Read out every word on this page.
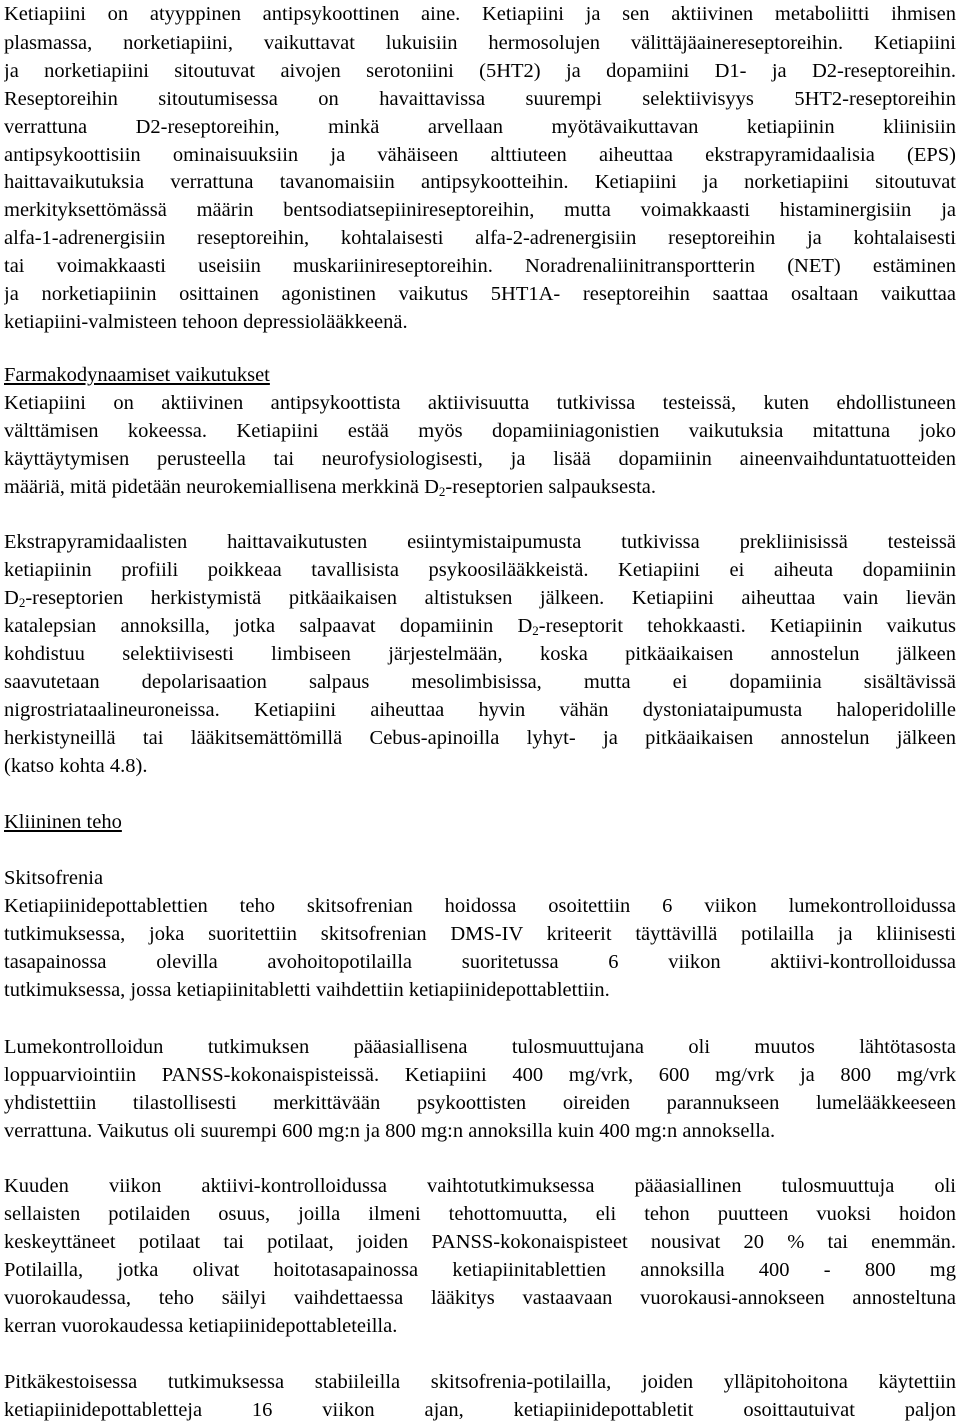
Ketiapiini on atyyppinen antipsykoottinen aine. Ketiapiini ja sen aktiivinen metaboliitti ihmisen
plasmassa, norketiapiini, vaikuttavat lukuisiin hermosolujen välittäjäainereseptoreihin. Ketiapiini
ja norketiapiini sitoutuvat aivojen serotoniini (5HT2) ja dopamiini D1- ja D2-reseptoreihin.
Reseptoreihin sitoutumisessa on havaittavissa suurempi selektiivisyys 5HT2-reseptoreihin
verrattuna D2-reseptoreihin, minkä arvellaan myötävaikuttavan ketiapiinin kliinisiin
antipsykoottisiin ominaisuuksiin ja vähäiseen alttiuteen aiheuttaa ekstrapyramidaalisia (EPS)
haittavaikutuksia verrattuna tavanomaisiin antipsykootteihin. Ketiapiini ja norketiapiini sitoutuvat
merkityksettömässä määrin bentsodiatsepiinireseptoreihin, mutta voimakkaasti histaminergisiin ja
alfa-1-adrenergisiin reseptoreihin, kohtalaisesti alfa-2-adrenergisiin reseptoreihin ja kohtalaisesti
tai voimakkaasti useisiin muskariinireseptoreihin. Noradrenaliinitransportterin (NET) estäminen
ja norketiapiinin osittainen agonistinen vaikutus 5HT1A- reseptoreihin saattaa osaltaan vaikuttaa
ketiapiini-valmisteen tehoon depressiolääkkeenä.
Farmakodynaamiset vaikutukset
Ketiapiini on aktiivinen antipsykoottista aktiivisuutta tutkivissa testeissä, kuten ehdollistuneen
välttämisen kokeessa. Ketiapiini estää myös dopamiiniagonistien vaikutuksia mitattuna joko
käyttäytymisen perusteella tai neurofysiologisesti, ja lisää dopamiinin aineenvaihduntatuotteiden
määriä, mitä pidetään neurokemiallisena merkkinä $D_2$-reseptorien salpauksesta.
Ekstrapyramidaalisten haittavaikutusten esiintymistaipumusta tutkivissa prekliinisissä testeissä
ketiapiinin profiili poikkeaa tavallisista psykoosilääkkeistä. Ketiapiini ei aiheuta dopamiinin
$D_2$-reseptorien herkistymistä pitkäaikaisen altistuksen jälkeen. Ketiapiini aiheuttaa vain lievän
katalepsian annoksilla, jotka salpaavat dopamiinin $D_2$-reseptorit tehokkaasti. Ketiapiinin vaikutus
kohdistuu selektiivisesti limbiseen järjestelmään, koska pitkäaikaisen annostelun jälkeen
saavutetaan depolarisaation salpaus mesolimbisissa, mutta ei dopamiinia sisältävissä
nigrostriataalineuroneissa. Ketiapiini aiheuttaa hyvin vähän dystoniataipumusta haloperidolille
herkistyneillä tai lääkitsemättömillä Cebus-apinoilla lyhyt- ja pitkäaikaisen annostelun jälkeen
(katso kohta 4.8).
Kliininen teho
Skitsofrenia
Ketiapiinidepottablettien teho skitsofrenian hoidossa osoitettiin 6 viikon lumekontrolloidussa
tutkimuksessa, joka suoritettiin skitsofrenian DMS-IV kriteerit täyttävillä potilailla ja kliinisesti
tasapainossa olevilla avohoitopotilailla suoritetussa 6 viikon aktiivi-kontrolloidussa
tutkimuksessa, jossa ketiapiinitabletti vaihdettiin ketiapiinidepottablettiin.
Lumekontrolloidun tutkimuksen pääasiallisena tulosmuuttujana oli muutos lähtötasosta
loppuarviointiin PANSS-kokonaispisteissä. Ketiapiini 400 mg/vrk, 600 mg/vrk ja 800 mg/vrk
yhdistettiin tilastollisesti merkittävään psykoottisten oireiden parannukseen lumelääkkeeseen
verrattuna. Vaikutus oli suurempi 600 mg:n ja 800 mg:n annoksilla kuin 400 mg:n annoksella.
Kuuden viikon aktiivi-kontrolloidussa vaihtotutkimuksessa pääasiallinen tulosmuuttuja oli
sellaisten potilaiden osuus, joilla ilmeni tehottomuutta, eli tehon puutteen vuoksi hoidon
keskeyttäneet potilaat tai potilaat, joiden PANSS-kokonaispisteet nousivat 20 % tai enemmän.
Potilailla, jotka olivat hoitotasapainossa ketiapiinitablettien annoksilla 400 - 800 mg
vuorokaudessa, teho säilyi vaihdettaessa lääkitys vastaavaan vuorokausi-annokseen annosteltuna
kerran vuorokaudessa ketiapiinidepottableteilla.
Pitkäkestoisessa tutkimuksessa stabiileilla skitsofrenia-potilailla, joiden ylläpitohoitona käytettiin
ketiapiinidepottabletteja 16 viikon ajan, ketiapiinidepottabletit osoittautuivat paljon
